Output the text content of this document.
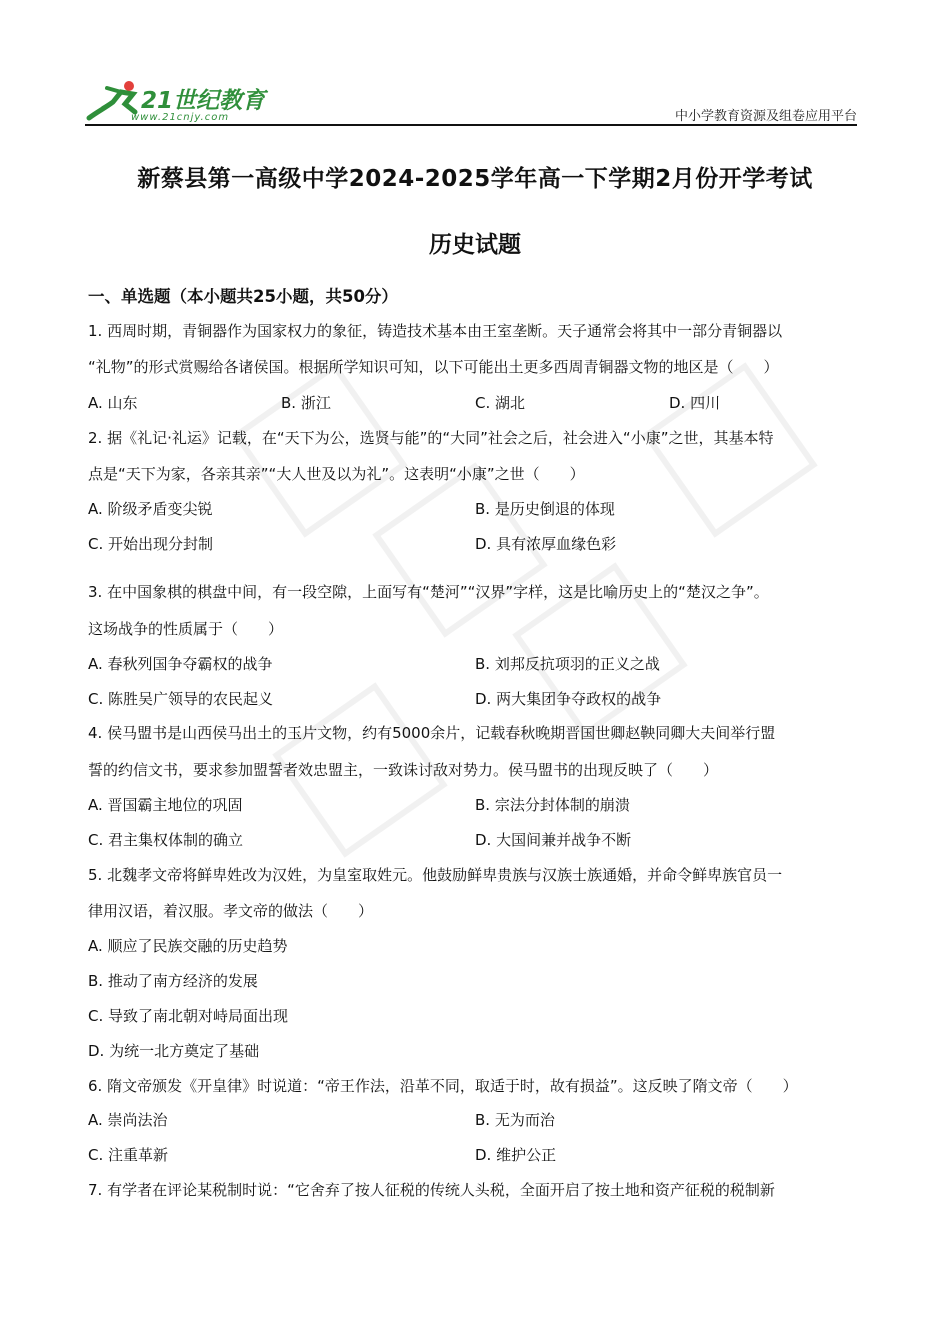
21世纪教育
www.21cnjy.com	中小学教育资源及组卷应用平台
新蔡县第一高级中学2024-2025学年高一下学期2月份开学考试
历史试题
一、单选题（本小题共25小题，共50分）
1. 西周时期，青铜器作为国家权力的象征，铸造技术基本由王室垄断。天子通常会将其中一部分青铜器以
“礼物”的形式赏赐给各诸侯国。根据所学知识可知，以下可能出土更多西周青铜器文物的地区是（　　）
A. 山东	B. 浙江	C. 湖北	D. 四川
2. 据《礼记·礼运》记载，在“天下为公，选贤与能”的“大同”社会之后，社会进入“小康”之世，其基本特
点是“天下为家，各亲其亲”“大人世及以为礼”。这表明“小康”之世（　　）
A. 阶级矛盾变尖锐	B. 是历史倒退的体现
C. 开始出现分封制	D. 具有浓厚血缘色彩
3. 在中国象棋的棋盘中间，有一段空隙，上面写有“楚河”“汉界”字样，这是比喻历史上的“楚汉之争”。
这场战争的性质属于（　　）
A. 春秋列国争夺霸权的战争	B. 刘邦反抗项羽的正义之战
C. 陈胜吴广领导的农民起义	D. 两大集团争夺政权的战争
4. 侯马盟书是山西侯马出土的玉片文物，约有5000余片，记载春秋晚期晋国世卿赵鞅同卿大夫间举行盟
誓的约信文书，要求参加盟誓者效忠盟主，一致诛讨敌对势力。侯马盟书的出现反映了（　　）
A. 晋国霸主地位的巩固	B. 宗法分封体制的崩溃
C. 君主集权体制的确立	D. 大国间兼并战争不断
5. 北魏孝文帝将鲜卑姓改为汉姓，为皇室取姓元。他鼓励鲜卑贵族与汉族士族通婚，并命令鲜卑族官员一
律用汉语，着汉服。孝文帝的做法（　　）
A. 顺应了民族交融的历史趋势
B. 推动了南方经济的发展
C. 导致了南北朝对峙局面出现
D. 为统一北方奠定了基础
6. 隋文帝颁发《开皇律》时说道：“帝王作法，沿革不同，取适于时，故有损益”。这反映了隋文帝（　　）
A. 崇尚法治	B. 无为而治
C. 注重革新	D. 维护公正
7. 有学者在评论某税制时说：“它舍弃了按人征税的传统人头税，全面开启了按土地和资产征税的税制新
